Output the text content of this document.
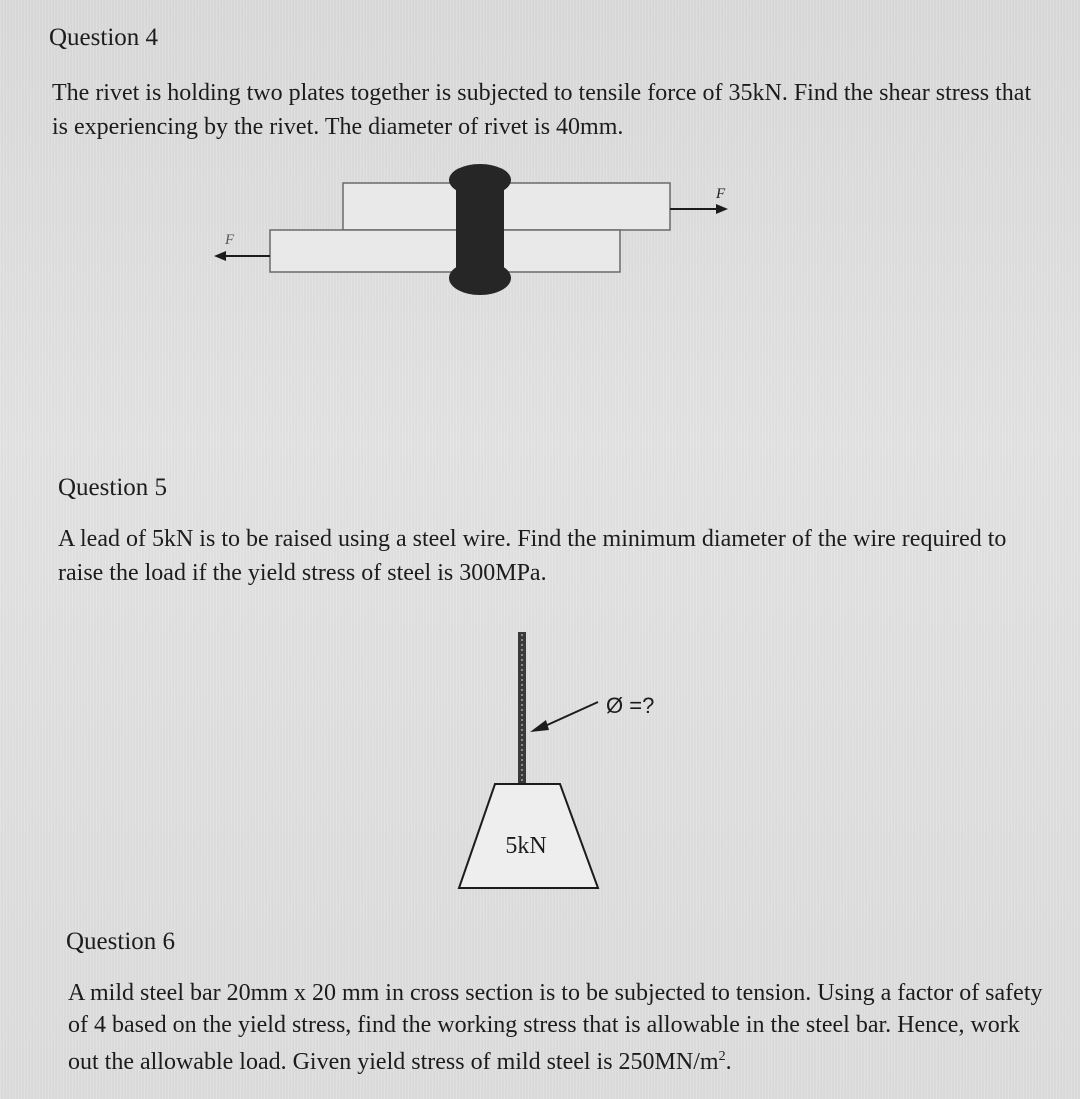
Question 4

The rivet is holding two plates together is subjected to tensile force of 35kN. Find the shear stress that is experiencing by the rivet. The diameter of rivet is 40mm.

F
F
Question 5

A lead of 5kN is to be raised using a steel wire. Find the minimum diameter of the wire required to raise the load if the yield stress of steel is 300MPa.

Ø =?
5kN
Question 6

A mild steel bar 20mm x 20 mm in cross section is to be subjected to tension. Using a factor of safety of 4 based on the yield stress, find the working stress that is allowable in the steel bar. Hence, work out the allowable load. Given yield stress of mild steel is $250MN/m^2$.
